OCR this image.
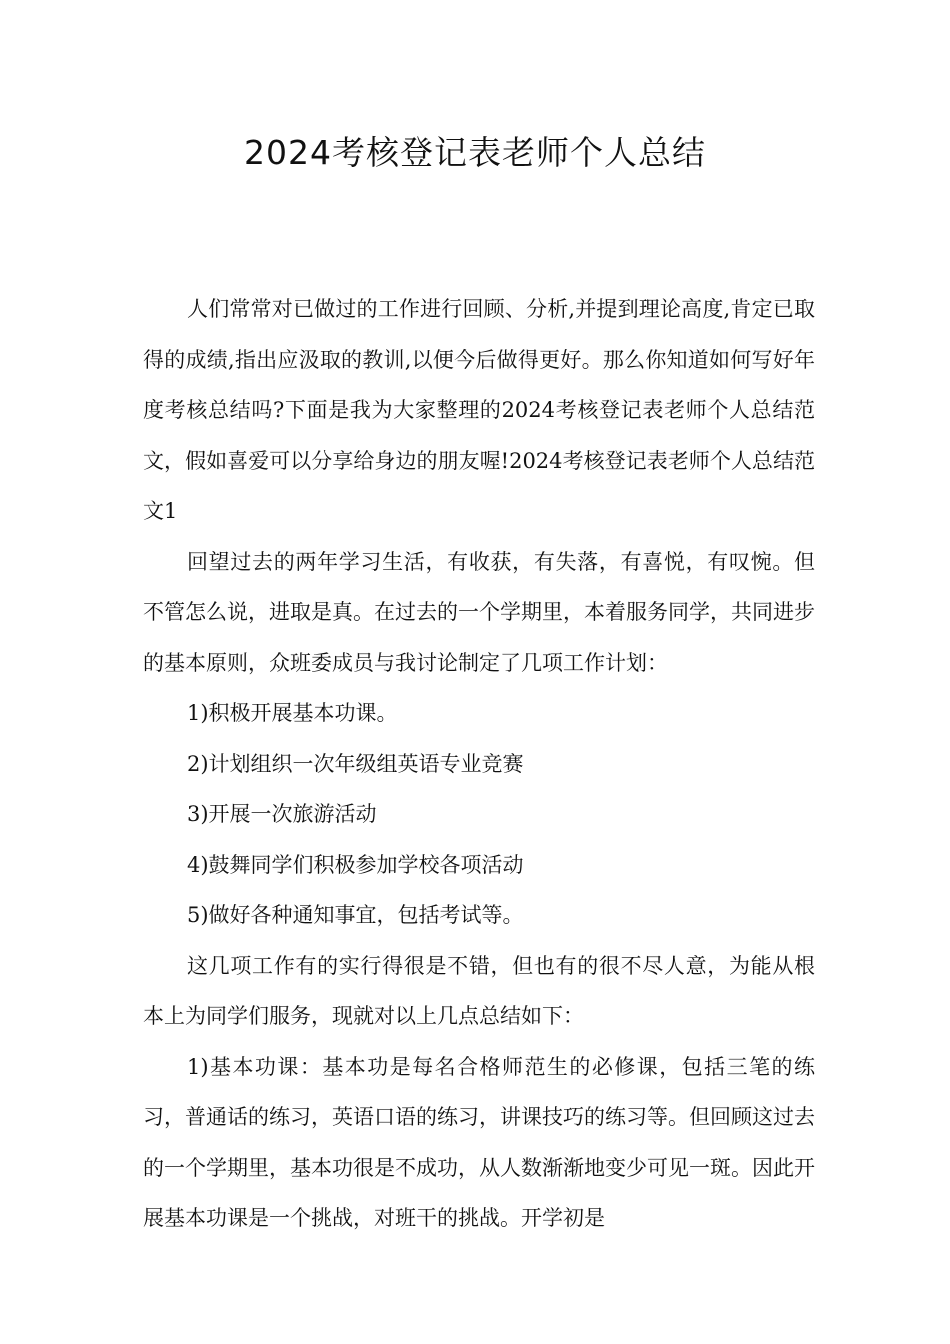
2024考核登记表老师个人总结

人们常常对已做过的工作进行回顾、分析,并提到理论高度,肯定已取得的成绩,指出应汲取的教训,以便今后做得更好。那么你知道如何写好年度考核总结吗?下面是我为大家整理的2024考核登记表老师个人总结范文，假如喜爱可以分享给身边的朋友喔!2024考核登记表老师个人总结范文1

回望过去的两年学习生活，有收获，有失落，有喜悦，有叹惋。但不管怎么说，进取是真。在过去的一个学期里，本着服务同学，共同进步的基本原则，众班委成员与我讨论制定了几项工作计划：

1)积极开展基本功课。

2)计划组织一次年级组英语专业竞赛

3)开展一次旅游活动

4)鼓舞同学们积极参加学校各项活动

5)做好各种通知事宜，包括考试等。

这几项工作有的实行得很是不错，但也有的很不尽人意，为能从根本上为同学们服务，现就对以上几点总结如下：

1)基本功课：基本功是每名合格师范生的必修课，包括三笔的练习，普通话的练习，英语口语的练习，讲课技巧的练习等。但回顾这过去的一个学期里，基本功很是不成功，从人数渐渐地变少可见一斑。因此开展基本功课是一个挑战，对班干的挑战。开学初是
